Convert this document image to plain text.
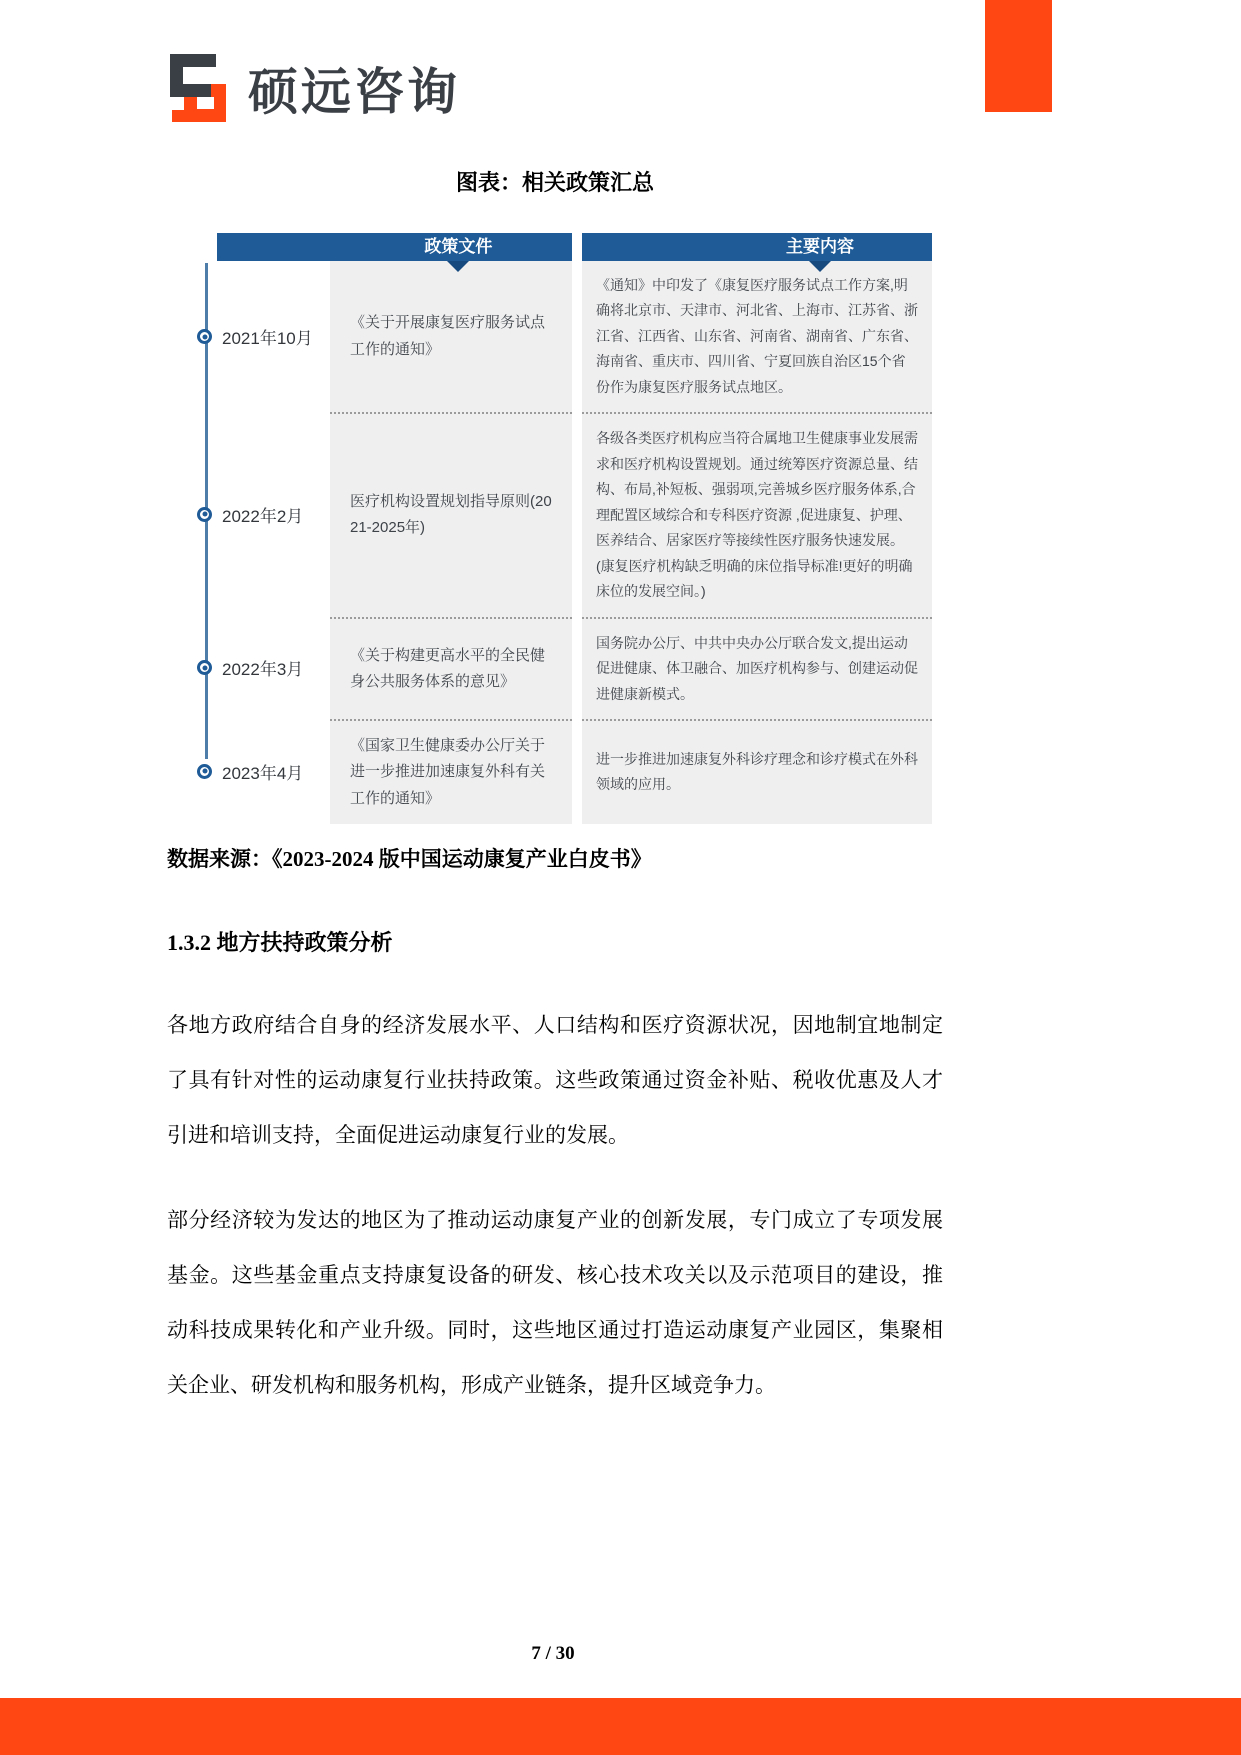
硕远咨询
图表：相关政策汇总
政策文件	主要内容
2021年10月

《关于开展康复医疗服务试点工作的通知》

《通知》中印发了《康复医疗服务试点工作方案,明确将北京市、天津市、河北省、上海市、江苏省、浙江省、江西省、山东省、河南省、湖南省、广东省、海南省、重庆市、四川省、宁夏回族自治区15个省份作为康复医疗服务试点地区。

2022年2月

医疗机构设置规划指导原则(2021-2025年)

各级各类医疗机构应当符合属地卫生健康事业发展需求和医疗机构设置规划。通过统筹医疗资源总量、结构、布局,补短板、强弱项,完善城乡医疗服务体系,合理配置区域综合和专科医疗资源 ,促进康复、护理、医养结合、居家医疗等接续性医疗服务快速发展。(康复医疗机构缺乏明确的床位指导标准!更好的明确床位的发展空间。)

2022年3月

《关于构建更高水平的全民健身公共服务体系的意见》

国务院办公厅、中共中央办公厅联合发文,提出运动促进健康、体卫融合、加医疗机构参与、创建运动促进健康新模式。

2023年4月

《国家卫生健康委办公厅关于进一步推进加速康复外科有关工作的通知》

进一步推进加速康复外科诊疗理念和诊疗模式在外科领域的应用。

数据来源：《2023-2024 版中国运动康复产业白皮书》
1.3.2 地方扶持政策分析

各地方政府结合自身的经济发展水平、人口结构和医疗资源状况，因地制宜地制定了具有针对性的运动康复行业扶持政策。这些政策通过资金补贴、税收优惠及人才引进和培训支持，全面促进运动康复行业的发展。

部分经济较为发达的地区为了推动运动康复产业的创新发展，专门成立了专项发展基金。这些基金重点支持康复设备的研发、核心技术攻关以及示范项目的建设，推动科技成果转化和产业升级。同时，这些地区通过打造运动康复产业园区，集聚相关企业、研发机构和服务机构，形成产业链条，提升区域竞争力。

7 / 30
